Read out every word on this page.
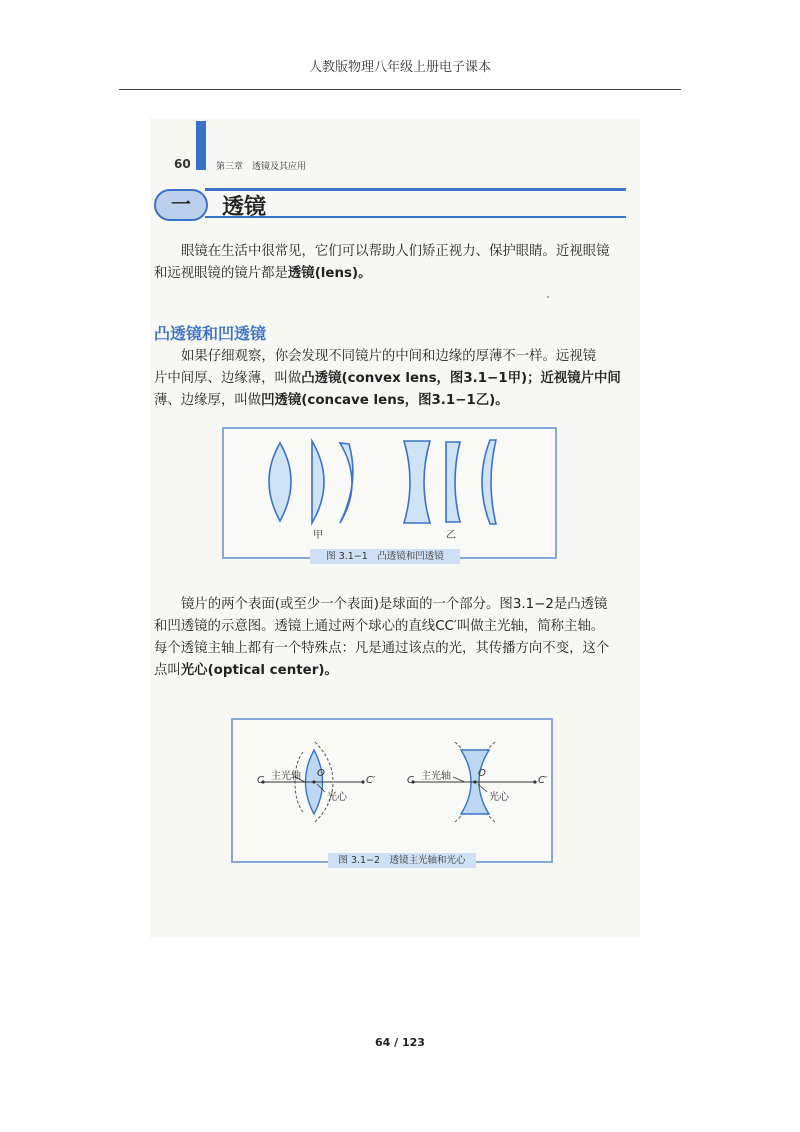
人教版物理八年级上册电子课本
60	第三章　透镜及其应用
一	透镜
眼镜在生活中很常见，它们可以帮助人们矫正视力、保护眼睛。近视眼镜
和远视眼镜的镜片都是透镜(lens)。
凸透镜和凹透镜
如果仔细观察，你会发现不同镜片的中间和边缘的厚薄不一样。远视镜
片中间厚、边缘薄，叫做凸透镜(convex lens，图3.1−1甲)；近视镜片中间
薄、边缘厚，叫做凹透镜(concave lens，图3.1−1乙)。
甲	乙
图 3.1−1　凸透镜和凹透镜
镜片的两个表面(或至少一个表面)是球面的一个部分。图3.1−2是凸透镜
和凹透镜的示意图。透镜上通过两个球心的直线CC′叫做主光轴，简称主轴。
每个透镜主轴上都有一个特殊点：凡是通过该点的光，其传播方向不变，这个
点叫光心(optical center)。
C 主光轴 O
C′
光心
C 主光轴	O
C′
光心
图 3.1−2　透镜主光轴和光心
64 / 123
